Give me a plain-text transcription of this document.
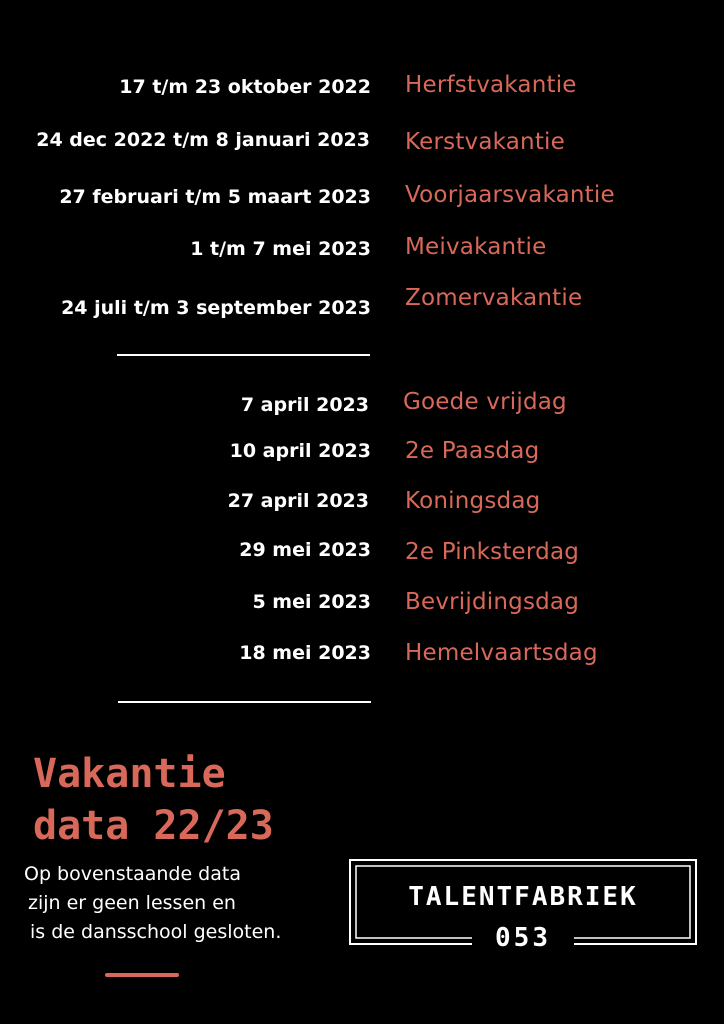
17 t/m 23 oktober 2022 Herfstvakantie
24 dec 2022 t/m 8 januari 2023 Kerstvakantie
27 februari t/m 5 maart 2023 Voorjaarsvakantie
1 t/m 7 mei 2023 Meivakantie
24 juli t/m 3 september 2023 Zomervakantie
7 april 2023 Goede vrijdag
10 april 2023 2e Paasdag
27 april 2023 Koningsdag
29 mei 2023 2e Pinksterdag
5 mei 2023 Bevrijdingsdag
18 mei 2023 Hemelvaartsdag
Vakantie
data 22/23
Op bovenstaande data
zijn er geen lessen en
is de dansschool gesloten.
TALENTFABRIEK
053
